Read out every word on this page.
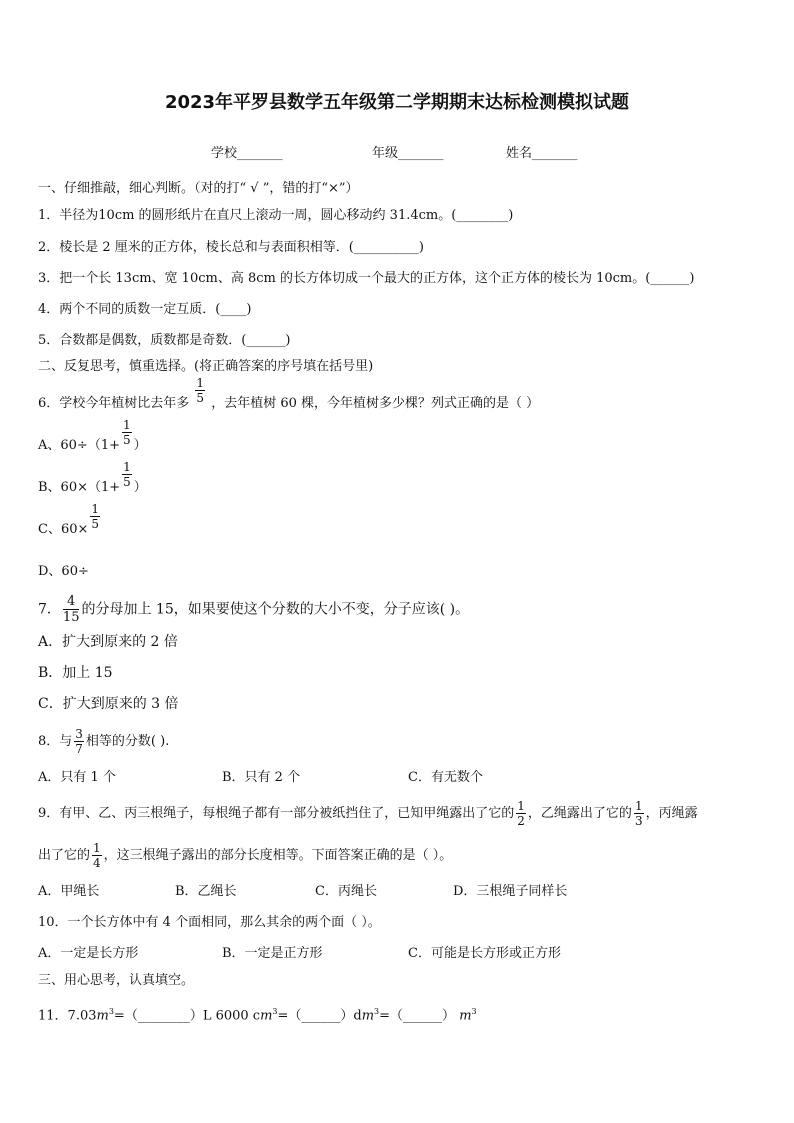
2023年平罗县数学五年级第二学期期末达标检测模拟试题
学校_______	年级_______	姓名_______
一、仔细推敲，细心判断。（对的打“ √ ”，错的打“×”）
1．半径为10cm 的圆形纸片在直尺上滚动一周，圆心移动约 31.4cm。(________)
2．棱长是 2 厘米的正方体，棱长总和与表面积相等．(__________)
3．把一个长 13cm、宽 10cm、高 8cm 的长方体切成一个最大的正方体，这个正方体的棱长为 10cm。(______)
4．两个不同的质数一定互质．(____)
5．合数都是偶数，质数都是奇数．(______)
二、反复思考，慎重选择。(将正确答案的序号填在括号里)
6．学校今年植树比去年多 $\frac{1}{5}$ ，去年植树 60 棵，今年植树多少棵？列式正确的是（ ）
A、$60\div(1+ \frac{1}{5}$ ）
B、$60\times(1+ \frac{1}{5}$ ）
C、$60\times \frac{1}{5}$
D、60÷
7． $\frac{4}{15}$ 的分母加上 15，如果要使这个分数的大小不变，分子应该( )。
A．扩大到原来的 2 倍
B．加上 15
C．扩大到原来的 3 倍
8．与 $\frac{3}{7}$ 相等的分数( ).
A．只有 1 个	B．只有 2 个	C．有无数个
9．有甲、乙、丙三根绳子，每根绳子都有一部分被纸挡住了，已知甲绳露出了它的 $\frac{1}{2}$ ，乙绳露出了它的 $\frac{1}{3}$ ，丙绳露
出了它的 $\frac{1}{4}$ ，这三根绳子露出的部分长度相等。下面答案正确的是（ ）。
A．甲绳长	B．乙绳长	C．丙绳长	D．三根绳子同样长
10．一个长方体中有 4 个面相同，那么其余的两个面（ ）。
A．一定是长方形	B．一定是正方形	C．可能是长方形或正方形
三、用心思考，认真填空。
11．$7.03m^3=(\_\_\_\_\_\_\_\_)L$ 6000 $cm^3=(\_\_\_\_\_\_)dm^3=(\_\_\_\_\_\_)$ $m^3$
